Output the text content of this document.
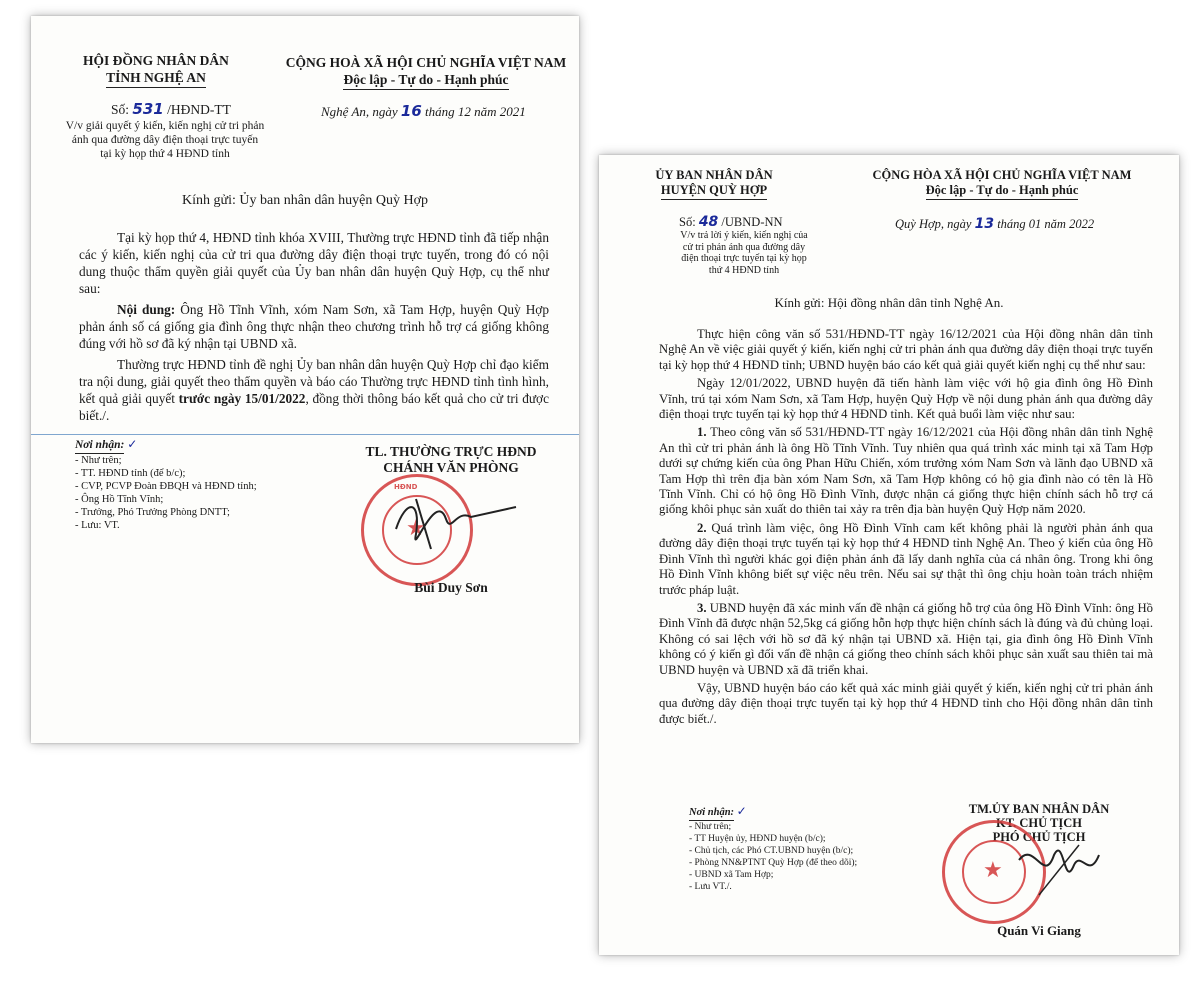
HỘI ĐỒNG NHÂN DÂN
TỈNH NGHỆ AN
CỘNG HOÀ XÃ HỘI CHỦ NGHĨA VIỆT NAM
Độc lập - Tự do - Hạnh phúc
Số: 531 /HĐND-TT
V/v giải quyết ý kiến, kiến nghị cử tri phản
ánh qua đường dây điện thoại trực tuyến
tại kỳ họp thứ 4 HĐND tỉnh
Nghệ An, ngày 16 tháng 12 năm 2021
Kính gửi: Ủy ban nhân dân huyện Quỳ Hợp

Tại kỳ họp thứ 4, HĐND tỉnh khóa XVIII, Thường trực HĐND tỉnh đã tiếp nhận các ý kiến, kiến nghị của cử tri qua đường dây điện thoại trực tuyến, trong đó có nội dung thuộc thẩm quyền giải quyết của Ủy ban nhân dân huyện Quỳ Hợp, cụ thể như sau:

Nội dung: Ông Hồ Tĩnh Vĩnh, xóm Nam Sơn, xã Tam Hợp, huyện Quỳ Hợp phản ánh số cá giống gia đình ông thực nhận theo chương trình hỗ trợ cá giống không đúng với hồ sơ đã ký nhận tại UBND xã.

Thường trực HĐND tỉnh đề nghị Ủy ban nhân dân huyện Quỳ Hợp chỉ đạo kiểm tra nội dung, giải quyết theo thẩm quyền và báo cáo Thường trực HĐND tỉnh tình hình, kết quả giải quyết trước ngày 15/01/2022, đồng thời thông báo kết quả cho cử tri được biết./.

Nơi nhận: ✓
- Như trên;
- TT. HĐND tỉnh (để b/c);
- CVP, PCVP Đoàn ĐBQH và HĐND tỉnh;
- Ông Hồ Tĩnh Vĩnh;
- Trưởng, Phó Trưởng Phòng DNTT;
- Lưu: VT.
TL. THƯỜNG TRỰC HĐND
CHÁNH VĂN PHÒNG
★
HĐND
Bùi Duy Sơn
ỦY BAN NHÂN DÂN
HUYỆN QUỲ HỢP
CỘNG HÒA XÃ HỘI CHỦ NGHĨA VIỆT NAM
Độc lập - Tự do - Hạnh phúc
Số: 48 /UBND-NN
V/v trả lời ý kiến, kiến nghị của
cử tri phản ánh qua đường dây
điện thoại trực tuyến tại kỳ họp
thứ 4 HĐND tỉnh
Quỳ Hợp, ngày 13 tháng 01 năm 2022
Kính gửi: Hội đồng nhân dân tỉnh Nghệ An.

Thực hiện công văn số 531/HĐND-TT ngày 16/12/2021 của Hội đồng nhân dân tỉnh Nghệ An về việc giải quyết ý kiến, kiến nghị cử tri phản ánh qua đường dây điện thoại trực tuyến tại kỳ họp thứ 4 HĐND tỉnh; UBND huyện báo cáo kết quả giải quyết kiến nghị cụ thể như sau:

Ngày 12/01/2022, UBND huyện đã tiến hành làm việc với hộ gia đình ông Hồ Đình Vĩnh, trú tại xóm Nam Sơn, xã Tam Hợp, huyện Quỳ Hợp về nội dung phản ánh qua đường dây điện thoại trực tuyến tại kỳ họp thứ 4 HĐND tỉnh. Kết quả buổi làm việc như sau:

1. Theo công văn số 531/HĐND-TT ngày 16/12/2021 của Hội đồng nhân dân tỉnh Nghệ An thì cử tri phản ánh là ông Hồ Tĩnh Vĩnh. Tuy nhiên qua quá trình xác minh tại xã Tam Hợp dưới sự chứng kiến của ông Phan Hữu Chiến, xóm trưởng xóm Nam Sơn và lãnh đạo UBND xã Tam Hợp thì trên địa bàn xóm Nam Sơn, xã Tam Hợp không có hộ gia đình nào có tên là Hồ Tĩnh Vĩnh. Chỉ có hộ ông Hồ Đình Vĩnh, được nhận cá giống thực hiện chính sách hỗ trợ cá giống khôi phục sản xuất do thiên tai xảy ra trên địa bàn huyện Quỳ Hợp năm 2020.

2. Quá trình làm việc, ông Hồ Đình Vĩnh cam kết không phải là người phản ánh qua đường dây điện thoại trực tuyến tại kỳ họp thứ 4 HĐND tỉnh Nghệ An. Theo ý kiến của ông Hồ Đình Vĩnh thì người khác gọi điện phản ánh đã lấy danh nghĩa của cá nhân ông. Trong khi ông Hồ Đình Vĩnh không biết sự việc nêu trên. Nếu sai sự thật thì ông chịu hoàn toàn trách nhiệm trước pháp luật.

3. UBND huyện đã xác minh vấn đề nhận cá giống hỗ trợ của ông Hồ Đình Vĩnh: ông Hồ Đình Vĩnh đã được nhận 52,5kg cá giống hỗn hợp thực hiện chính sách là đúng và đủ chủng loại. Không có sai lệch với hồ sơ đã ký nhận tại UBND xã. Hiện tại, gia đình ông Hồ Đình Vĩnh không có ý kiến gì đối vấn đề nhận cá giống theo chính sách khôi phục sản xuất sau thiên tai mà UBND huyện và UBND xã đã triển khai.

Vậy, UBND huyện báo cáo kết quả xác minh giải quyết ý kiến, kiến nghị cử tri phản ánh qua đường dây điện thoại trực tuyến tại kỳ họp thứ 4 HĐND tỉnh cho Hội đồng nhân dân tỉnh được biết./.

Nơi nhận: ✓
- Như trên;
- TT Huyện ủy, HĐND huyện (b/c);
- Chủ tịch, các Phó CT.UBND huyện (b/c);
- Phòng NN&PTNT Quỳ Hợp (để theo dõi);
- UBND xã Tam Hợp;
- Lưu VT./.
TM.ỦY BAN NHÂN DÂN
KT. CHỦ TỊCH
PHÓ CHỦ TỊCH
★
Quán Vi Giang
